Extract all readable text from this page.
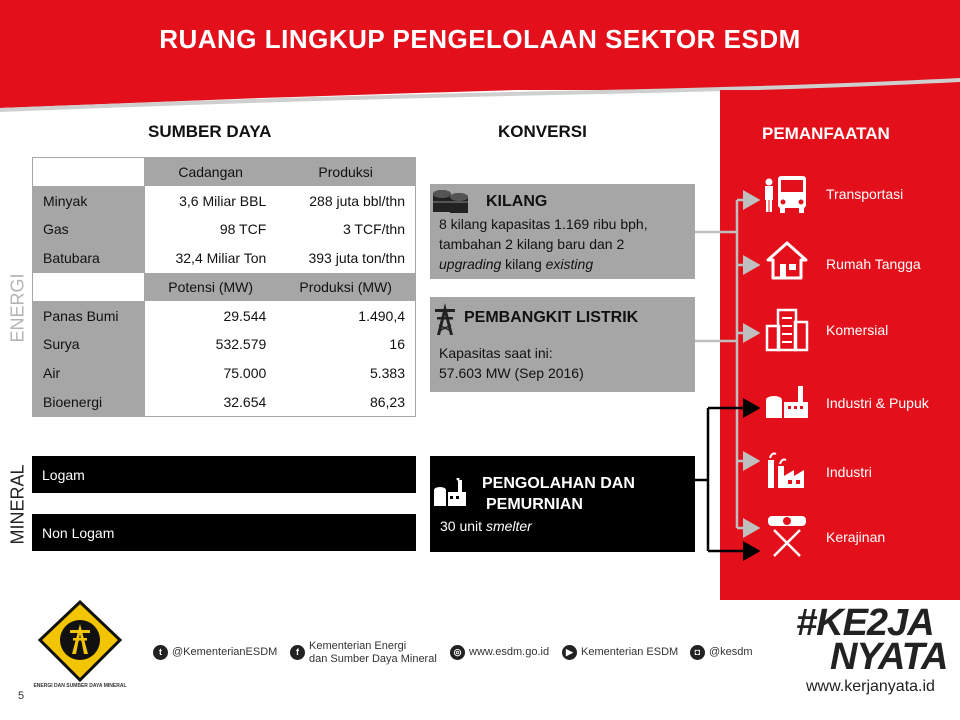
RUANG LINGKUP PENGELOLAAN SEKTOR ESDM
SUMBER DAYA	KONVERSI	PEMANFAATAN
ENERGI
MINERAL
	Cadangan	Produksi
Minyak	3,6 Miliar BBL	288 juta bbl/thn
Gas	98 TCF	3 TCF/thn
Batubara	32,4 Miliar Ton	393 juta ton/thn
	Potensi (MW)	Produksi (MW)
Panas Bumi	29.544	1.490,4
Surya	532.579	16
Air	75.000	5.383
Bioenergi	32.654	86,23
Logam
Non Logam
KILANG
8 kilang kapasitas 1.169 ribu bph,
tambahan 2 kilang baru dan 2
upgrading kilang existing
PEMBANGKIT LISTRIK
Kapasitas saat ini:
57.603 MW (Sep 2016)
PENGOLAHAN DAN
PEMURNIAN
30 unit smelter
Transportasi
Rumah Tangga
Komersial
Industri & Pupuk
Industri
Kerajinan
ENERGI DAN SUMBER DAYA MINERAL
t @KementerianESDM	f Kementerian Energi
dan Sumber Daya Mineral
◎ www.esdm.go.id	▶ Kementerian ESDM	◘ @kesdm
#KE2JA
NYATA
www.kerjanyata.id
5
